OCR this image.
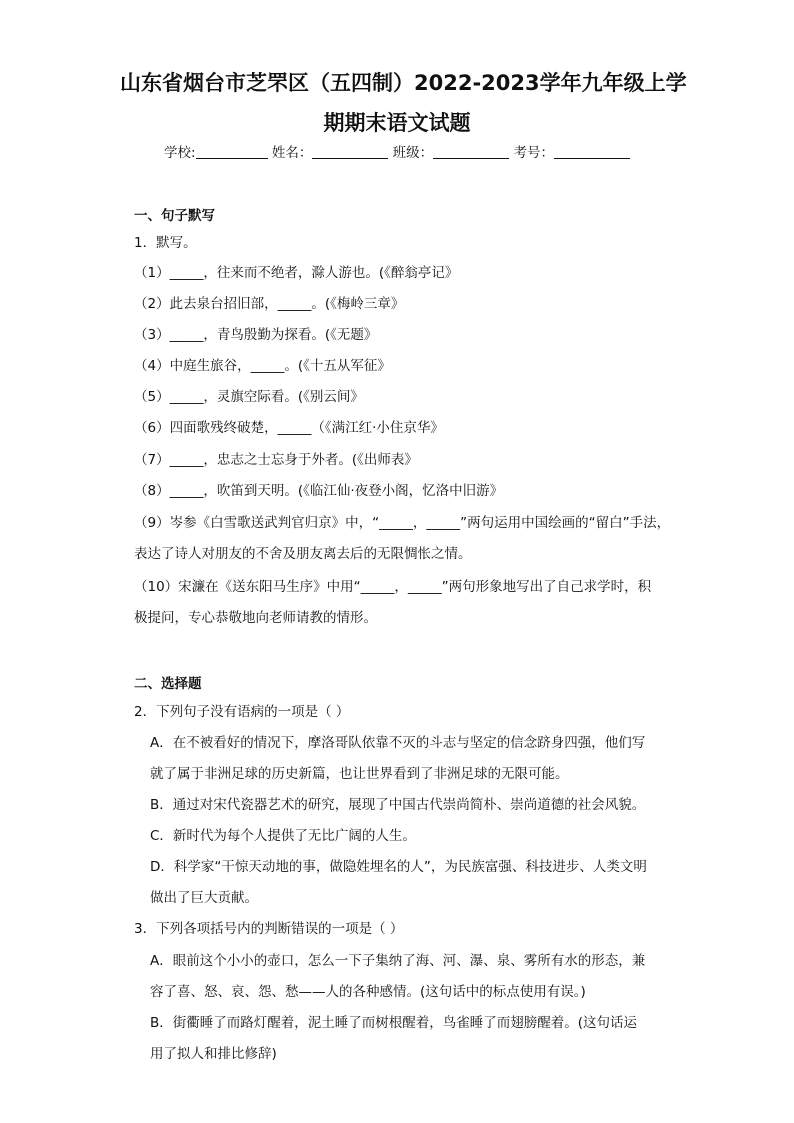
山东省烟台市芝罘区（五四制）2022-2023学年九年级上学
期期末语文试题
学校:	姓名：	班级：	考号：
一、句子默写
1．默写。
（1）_____，往来而不绝者，滁人游也。(《醉翁亭记》
（2）此去泉台招旧部，_____。(《梅岭三章》
（3）_____，青鸟殷勤为探看。(《无题》
（4）中庭生旅谷，_____。(《十五从军征》
（5）_____，灵旗空际看。(《别云间》
（6）四面歌残终破楚，_____（《满江红·小住京华》
（7）_____，忠志之士忘身于外者。(《出师表》
（8）_____，吹笛到天明。(《临江仙·夜登小阁，忆洛中旧游》
（9）岑参《白雪歌送武判官归京》中，“_____，_____”两句运用中国绘画的“留白”手法，
表达了诗人对朋友的不舍及朋友离去后的无限惆怅之情。
（10）宋濂在《送东阳马生序》中用“_____，_____”两句形象地写出了自己求学时，积
极提问，专心恭敬地向老师请教的情形。
二、选择题
2．下列句子没有语病的一项是（ ）
A．在不被看好的情况下，摩洛哥队依靠不灭的斗志与坚定的信念跻身四强，他们写
就了属于非洲足球的历史新篇，也让世界看到了非洲足球的无限可能。
B．通过对宋代瓷器艺术的研究，展现了中国古代崇尚简朴、崇尚道德的社会风貌。
C．新时代为每个人提供了无比广阔的人生。
D．科学家“干惊天动地的事，做隐姓埋名的人”，为民族富强、科技进步、人类文明
做出了巨大贡献。
3．下列各项括号内的判断错误的一项是（ ）
A．眼前这个小小的壶口，怎么一下子集纳了海、河、瀑、泉、雾所有水的形态，兼
容了喜、怒、哀、怨、愁——人的各种感情。(这句话中的标点使用有误。)
B．街衢睡了而路灯醒着，泥土睡了而树根醒着，鸟雀睡了而翅膀醒着。(这句话运
用了拟人和排比修辞)
